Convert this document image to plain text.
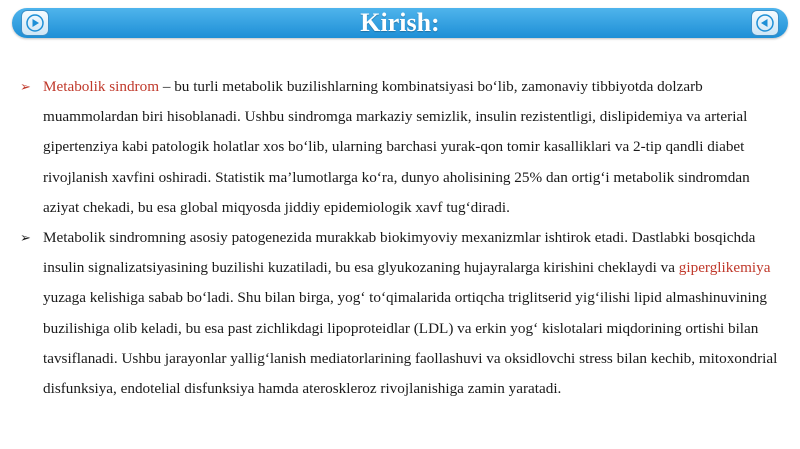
Kirish:

➢ Metabolik sindrom – bu turli metabolik buzilishlarning kombinatsiyasi bo‘lib, zamonaviy tibbiyotda dolzarb muammolardan biri hisoblanadi. Ushbu sindromga markaziy semizlik, insulin rezistentligi, dislipidemiya va arterial gipertenziya kabi patologik holatlar xos bo‘lib, ularning barchasi yurak-qon tomir kasalliklari va 2-tip qandli diabet rivojlanish xavfini oshiradi. Statistik ma’lumotlarga ko‘ra, dunyo aholisining 25% dan ortig‘i metabolik sindromdan aziyat chekadi, bu esa global miqyosda jiddiy epidemiologik xavf tug‘diradi.

➢ Metabolik sindromning asosiy patogenezida murakkab biokimyoviy mexanizmlar ishtirok etadi. Dastlabki bosqichda insulin signalizatsiyasining buzilishi kuzatiladi, bu esa glyukozaning hujayralarga kirishini cheklaydi va giperglikemiya yuzaga kelishiga sabab bo‘ladi. Shu bilan birga, yog‘ to‘qimalarida ortiqcha triglitserid yig‘ilishi lipid almashinuvining buzilishiga olib keladi, bu esa past zichlikdagi lipoproteidlar (LDL) va erkin yog‘ kislotalari miqdorining ortishi bilan tavsiflanadi. Ushbu jarayonlar yallig‘lanish mediatorlarining faollashuvi va oksidlovchi stress bilan kechib, mitoxondrial disfunksiya, endotelial disfunksiya hamda ateroskleroz rivojlanishiga zamin yaratadi.
